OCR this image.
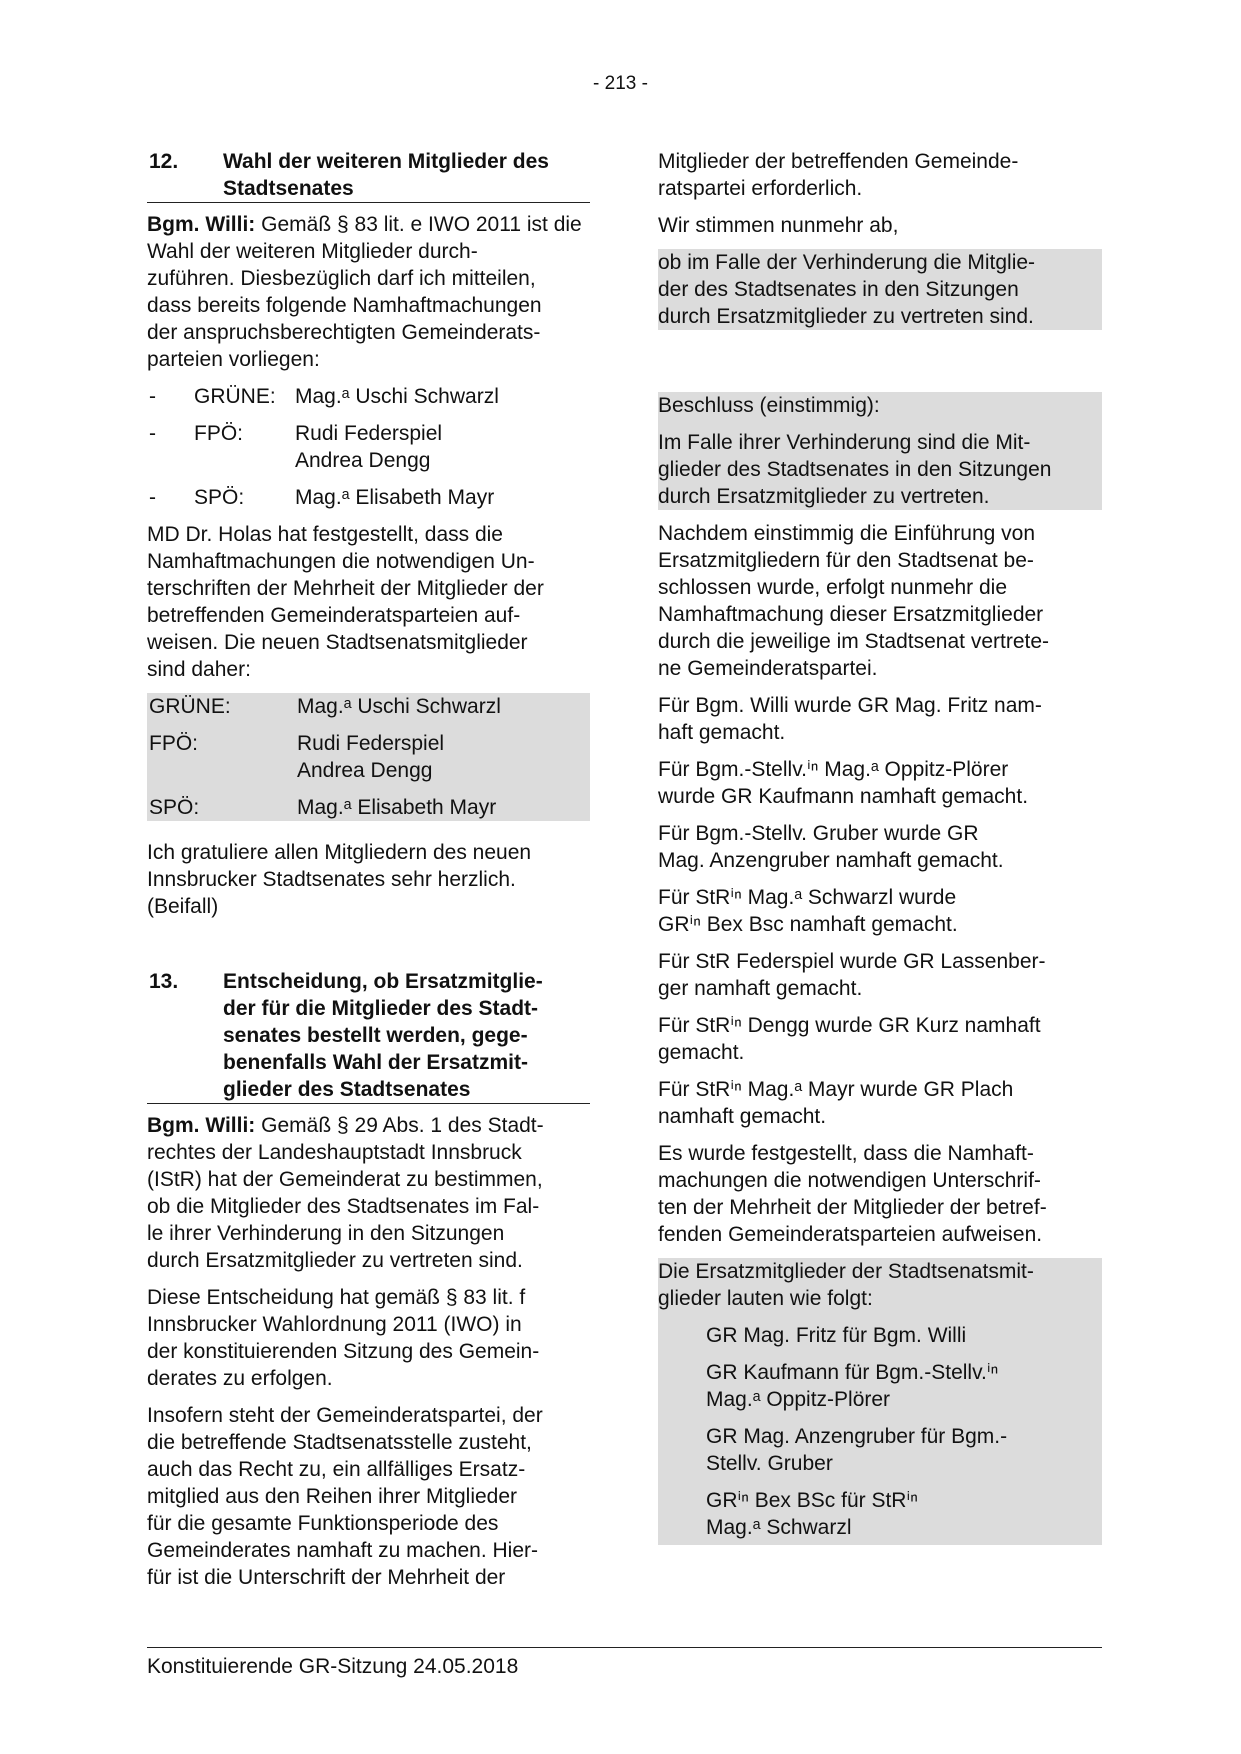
- 213 -
12. Wahl der weiteren Mitglieder des
Stadtsenates

Bgm. Willi: Gemäß § 83 lit. e IWO 2011 ist die Wahl der weiteren Mitglieder durch-
zuführen. Diesbezüglich darf ich mitteilen,
dass bereits folgende Namhaftmachungen
der anspruchsberechtigten Gemeinderats-
parteien vorliegen:

-	GRÜNE: Mag.ᵃ Uschi Schwarzl
-	FPÖ:	Rudi Federspiel
Andrea Dengg
-	SPÖ:	Mag.ᵃ Elisabeth Mayr

MD Dr. Holas hat festgestellt, dass die
Namhaftmachungen die notwendigen Un-
terschriften der Mehrheit der Mitglieder der
betreffenden Gemeinderatsparteien auf-
weisen. Die neuen Stadtsenatsmitglieder
sind daher:

GRÜNE:	Mag.ᵃ Uschi Schwarzl
FPÖ:	Rudi Federspiel
Andrea Dengg
SPÖ:	Mag.ᵃ Elisabeth Mayr

Ich gratuliere allen Mitgliedern des neuen
Innsbrucker Stadtsenates sehr herzlich.
(Beifall)

13. Entscheidung, ob Ersatzmitglie-
der für die Mitglieder des Stadt-
senates bestellt werden, gege-
benenfalls Wahl der Ersatzmit-
glieder des Stadtsenates

Bgm. Willi: Gemäß § 29 Abs. 1 des Stadt-
rechtes der Landeshauptstadt Innsbruck
(IStR) hat der Gemeinderat zu bestimmen,
ob die Mitglieder des Stadtsenates im Fal-
le ihrer Verhinderung in den Sitzungen
durch Ersatzmitglieder zu vertreten sind.

Diese Entscheidung hat gemäß § 83 lit. f
Innsbrucker Wahlordnung 2011 (IWO) in
der konstituierenden Sitzung des Gemein-
derates zu erfolgen.

Insofern steht der Gemeinderatspartei, der
die betreffende Stadtsenatsstelle zusteht,
auch das Recht zu, ein allfälliges Ersatz-
mitglied aus den Reihen ihrer Mitglieder
für die gesamte Funktionsperiode des
Gemeinderates namhaft zu machen. Hier-
für ist die Unterschrift der Mehrheit der

Mitglieder der betreffenden Gemeinde-
ratspartei erforderlich.

Wir stimmen nunmehr ab,

ob im Falle der Verhinderung die Mitglie-
der des Stadtsenates in den Sitzungen
durch Ersatzmitglieder zu vertreten sind.

Beschluss (einstimmig):

Im Falle ihrer Verhinderung sind die Mit-
glieder des Stadtsenates in den Sitzungen
durch Ersatzmitglieder zu vertreten.

Nachdem einstimmig die Einführung von
Ersatzmitgliedern für den Stadtsenat be-
schlossen wurde, erfolgt nunmehr die
Namhaftmachung dieser Ersatzmitglieder
durch die jeweilige im Stadtsenat vertrete-
ne Gemeinderatspartei.

Für Bgm. Willi wurde GR Mag. Fritz nam-
haft gemacht.

Für Bgm.-Stellv.ⁱⁿ Mag.ᵃ Oppitz-Plörer
wurde GR Kaufmann namhaft gemacht.

Für Bgm.-Stellv. Gruber wurde GR
Mag. Anzengruber namhaft gemacht.

Für StRⁱⁿ Mag.ᵃ Schwarzl wurde
GRⁱⁿ Bex Bsc namhaft gemacht.

Für StR Federspiel wurde GR Lassenber-
ger namhaft gemacht.

Für StRⁱⁿ Dengg wurde GR Kurz namhaft
gemacht.

Für StRⁱⁿ Mag.ᵃ Mayr wurde GR Plach
namhaft gemacht.

Es wurde festgestellt, dass die Namhaft-
machungen die notwendigen Unterschrif-
ten der Mehrheit der Mitglieder der betref-
fenden Gemeinderatsparteien aufweisen.

Die Ersatzmitglieder der Stadtsenatsmit-
glieder lauten wie folgt:

GR Mag. Fritz für Bgm. Willi
GR Kaufmann für Bgm.-Stellv.ⁱⁿ
Mag.ᵃ Oppitz-Plörer
GR Mag. Anzengruber für Bgm.-
Stellv. Gruber
GRⁱⁿ Bex BSc für StRⁱⁿ
Mag.ᵃ Schwarzl
Konstituierende GR-Sitzung 24.05.2018
